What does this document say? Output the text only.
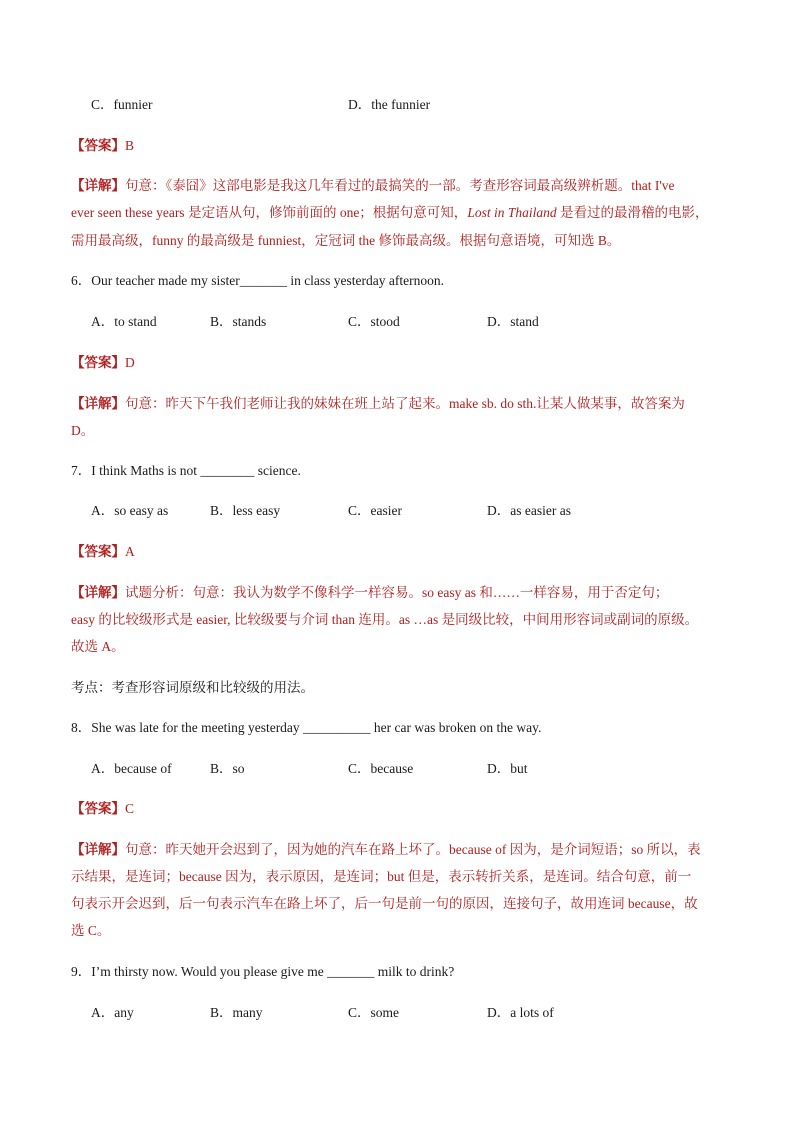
C．funnier	D．the funnier
【答案】B
【详解】句意：《泰囧》这部电影是我这几年看过的最搞笑的一部。考查形容词最高级辨析题。that I've
ever seen these years 是定语从句，修饰前面的 one；根据句意可知，Lost in Thailand 是看过的最滑稽的电影，
需用最高级，funny 的最高级是 funniest，定冠词 the 修饰最高级。根据句意语境，可知选 B。
6．Our teacher made my sister_______ in class yesterday afternoon.
A．to stand	B．stands	C．stood	D．stand
【答案】D
【详解】句意：昨天下午我们老师让我的妹妹在班上站了起来。make sb. do sth.让某人做某事，故答案为
D。
7．I think Maths is not ________ science.
A．so easy as	B．less easy	C．easier	D．as easier as
【答案】A
【详解】试题分析：句意：我认为数学不像科学一样容易。so easy as 和……一样容易，用于否定句；
easy 的比较级形式是 easier, 比较级要与介词 than 连用。as …as 是同级比较，中间用形容词或副词的原级。
故选 A。
考点：考查形容词原级和比较级的用法。
8．She was late for the meeting yesterday __________ her car was broken on the way.
A．because of	B．so	C．because	D．but
【答案】C
【详解】句意：昨天她开会迟到了，因为她的汽车在路上坏了。because of 因为，是介词短语；so 所以，表
示结果，是连词；because 因为，表示原因，是连词；but 但是，表示转折关系，是连词。结合句意，前一
句表示开会迟到，后一句表示汽车在路上坏了，后一句是前一句的原因，连接句子，故用连词 because，故
选 C。
9．I’m thirsty now. Would you please give me _______ milk to drink?
A．any	B．many	C．some	D．a lots of
